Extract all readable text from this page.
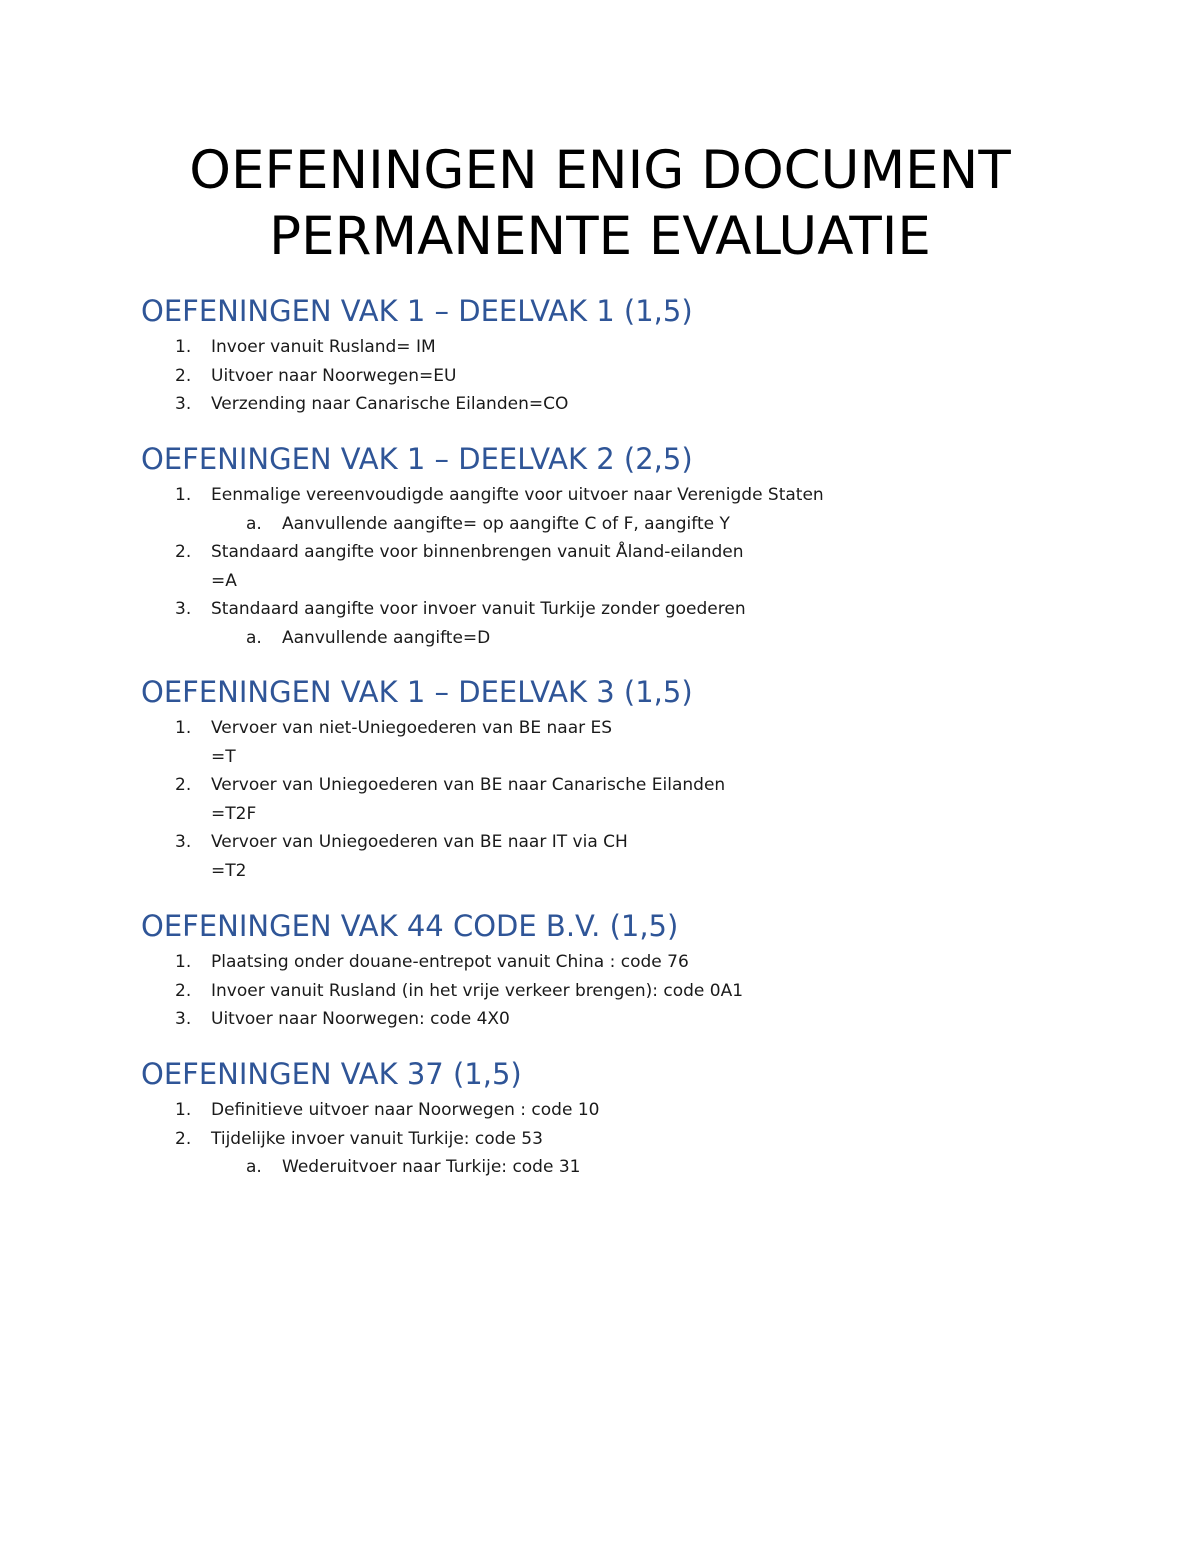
OEFENINGEN ENIG DOCUMENT
PERMANENTE EVALUATIE
OEFENINGEN VAK 1 – DEELVAK 1 (1,5)
1. Invoer vanuit Rusland= IM
2. Uitvoer naar Noorwegen=EU
3. Verzending naar Canarische Eilanden=CO
OEFENINGEN VAK 1 – DEELVAK 2 (2,5)
1. Eenmalige vereenvoudigde aangifte voor uitvoer naar Verenigde Staten
a. Aanvullende aangifte= op aangifte C of F, aangifte Y
2. Standaard aangifte voor binnenbrengen vanuit Åland-eilanden
=A
3. Standaard aangifte voor invoer vanuit Turkije zonder goederen
a. Aanvullende aangifte=D
OEFENINGEN VAK 1 – DEELVAK 3 (1,5)
1. Vervoer van niet-Uniegoederen van BE naar ES
=T
2. Vervoer van Uniegoederen van BE naar Canarische Eilanden
=T2F
3. Vervoer van Uniegoederen van BE naar IT via CH
=T2
OEFENINGEN VAK 44 CODE B.V. (1,5)
1. Plaatsing onder douane-entrepot vanuit China : code 76
2. Invoer vanuit Rusland (in het vrije verkeer brengen): code 0A1
3. Uitvoer naar Noorwegen: code 4X0
OEFENINGEN VAK 37 (1,5)
1. Definitieve uitvoer naar Noorwegen : code 10
2. Tijdelijke invoer vanuit Turkije: code 53
a. Wederuitvoer naar Turkije: code 31
